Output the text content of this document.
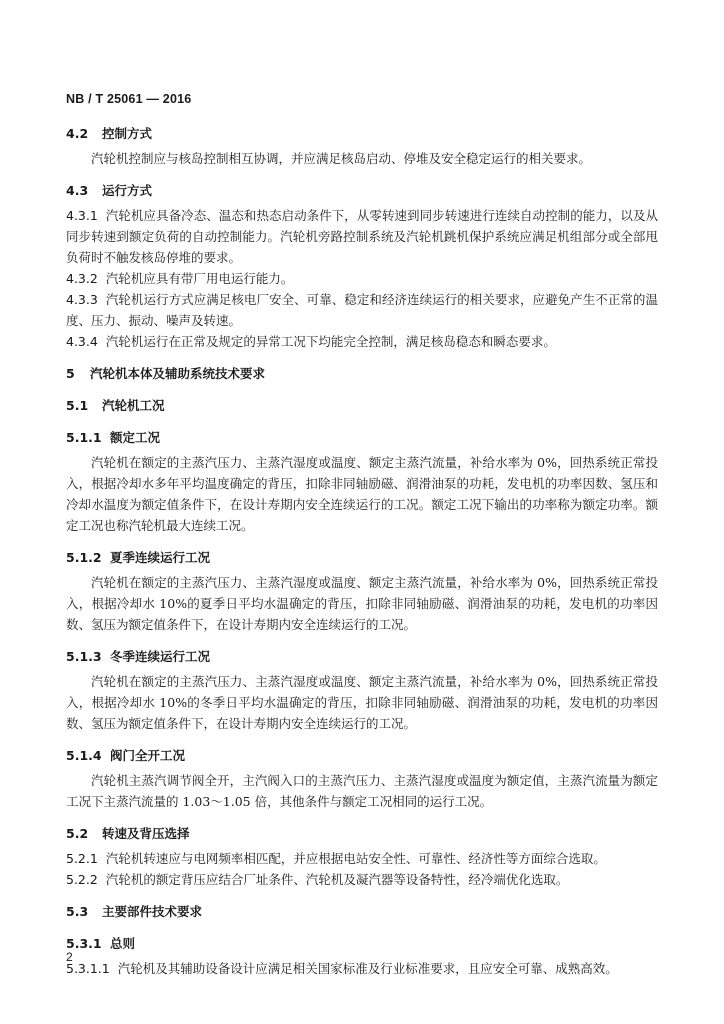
NB / T 25061 — 2016
4.2 控制方式

汽轮机控制应与核岛控制相互协调，并应满足核岛启动、停堆及安全稳定运行的相关要求。

4.3 运行方式

4.3.1 汽轮机应具备冷态、温态和热态启动条件下，从零转速到同步转速进行连续自动控制的能力，以及从同步转速到额定负荷的自动控制能力。汽轮机旁路控制系统及汽轮机跳机保护系统应满足机组部分或全部甩负荷时不触发核岛停堆的要求。

4.3.2 汽轮机应具有带厂用电运行能力。

4.3.3 汽轮机运行方式应满足核电厂安全、可靠、稳定和经济连续运行的相关要求，应避免产生不正常的温度、压力、振动、噪声及转速。

4.3.4 汽轮机运行在正常及规定的异常工况下均能完全控制，满足核岛稳态和瞬态要求。

5 汽轮机本体及辅助系统技术要求
5.1 汽轮机工况
5.1.1 额定工况

汽轮机在额定的主蒸汽压力、主蒸汽湿度或温度、额定主蒸汽流量，补给水率为 0%，回热系统正常投入，根据冷却水多年平均温度确定的背压，扣除非同轴励磁、润滑油泵的功耗，发电机的功率因数、氢压和冷却水温度为额定值条件下，在设计寿期内安全连续运行的工况。额定工况下输出的功率称为额定功率。额定工况也称汽轮机最大连续工况。

5.1.2 夏季连续运行工况

汽轮机在额定的主蒸汽压力、主蒸汽湿度或温度、额定主蒸汽流量，补给水率为 0%，回热系统正常投入，根据冷却水 10%的夏季日平均水温确定的背压，扣除非同轴励磁、润滑油泵的功耗，发电机的功率因数、氢压为额定值条件下，在设计寿期内安全连续运行的工况。

5.1.3 冬季连续运行工况

汽轮机在额定的主蒸汽压力、主蒸汽湿度或温度、额定主蒸汽流量，补给水率为 0%，回热系统正常投入，根据冷却水 10%的冬季日平均水温确定的背压，扣除非同轴励磁、润滑油泵的功耗，发电机的功率因数、氢压为额定值条件下，在设计寿期内安全连续运行的工况。

5.1.4 阀门全开工况

汽轮机主蒸汽调节阀全开，主汽阀入口的主蒸汽压力、主蒸汽湿度或温度为额定值，主蒸汽流量为额定工况下主蒸汽流量的 1.03～1.05 倍，其他条件与额定工况相同的运行工况。

5.2 转速及背压选择

5.2.1 汽轮机转速应与电网频率相匹配，并应根据电站安全性、可靠性、经济性等方面综合选取。

5.2.2 汽轮机的额定背压应结合厂址条件、汽轮机及凝汽器等设备特性，经冷端优化选取。

5.3 主要部件技术要求
5.3.1 总则

5.3.1.1 汽轮机及其辅助设备设计应满足相关国家标准及行业标准要求，且应安全可靠、成熟高效。

2
